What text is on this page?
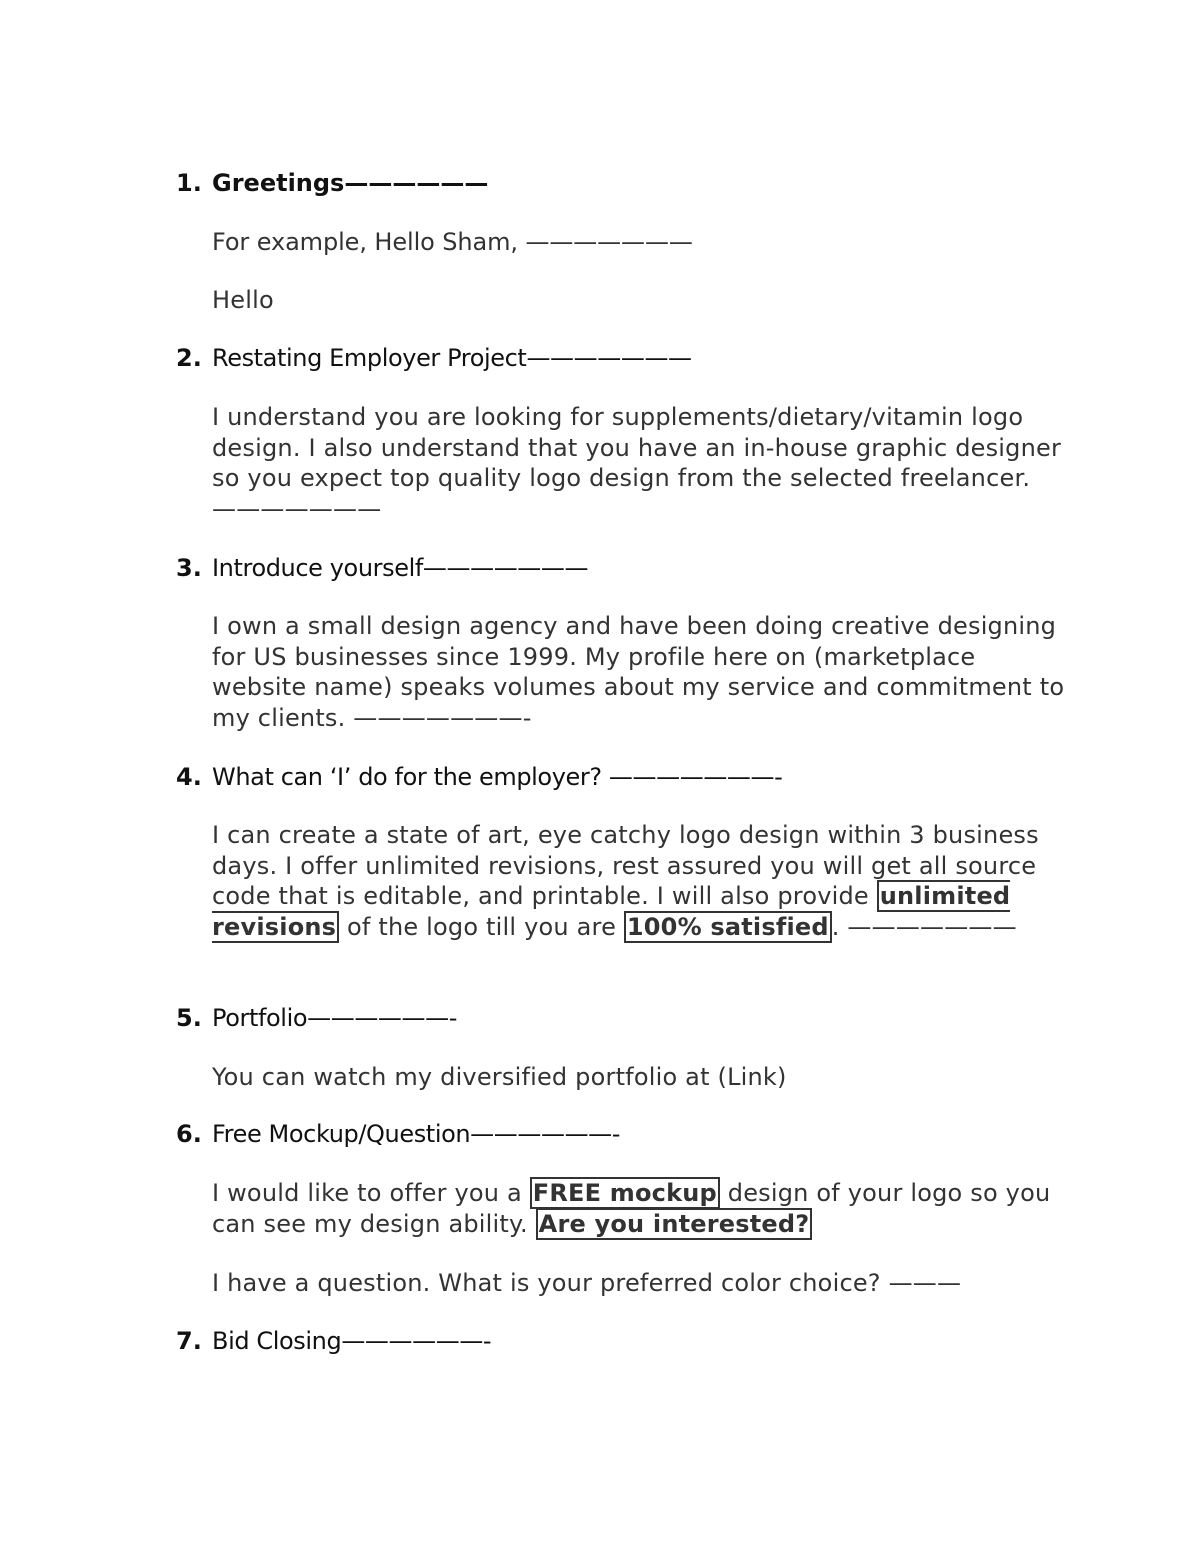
1. Greetings——————
For example, Hello Sham, ———————
Hello
2. Restating Employer Project———————
I understand you are looking for supplements/dietary/vitamin logo design. I also understand that you have an in-house graphic designer so you expect top quality logo design from the selected freelancer. ———————
3. Introduce yourself———————
I own a small design agency and have been doing creative designing for US businesses since 1999. My profile here on (marketplace website name) speaks volumes about my service and commitment to my clients. ———————-
4. What can ‘I’ do for the employer? ———————-
I can create a state of art, eye catchy logo design within 3 business days. I offer unlimited revisions, rest assured you will get all source code that is editable, and printable. I will also provide unlimited revisions of the logo till you are 100% satisfied . ———————
5. Portfolio——————-
You can watch my diversified portfolio at (Link)
6. Free Mockup/Question——————-
I would like to offer you a FREE mockup design of your logo so you can see my design ability. Are you interested?
I have a question. What is your preferred color choice? ———
7. Bid Closing——————-
